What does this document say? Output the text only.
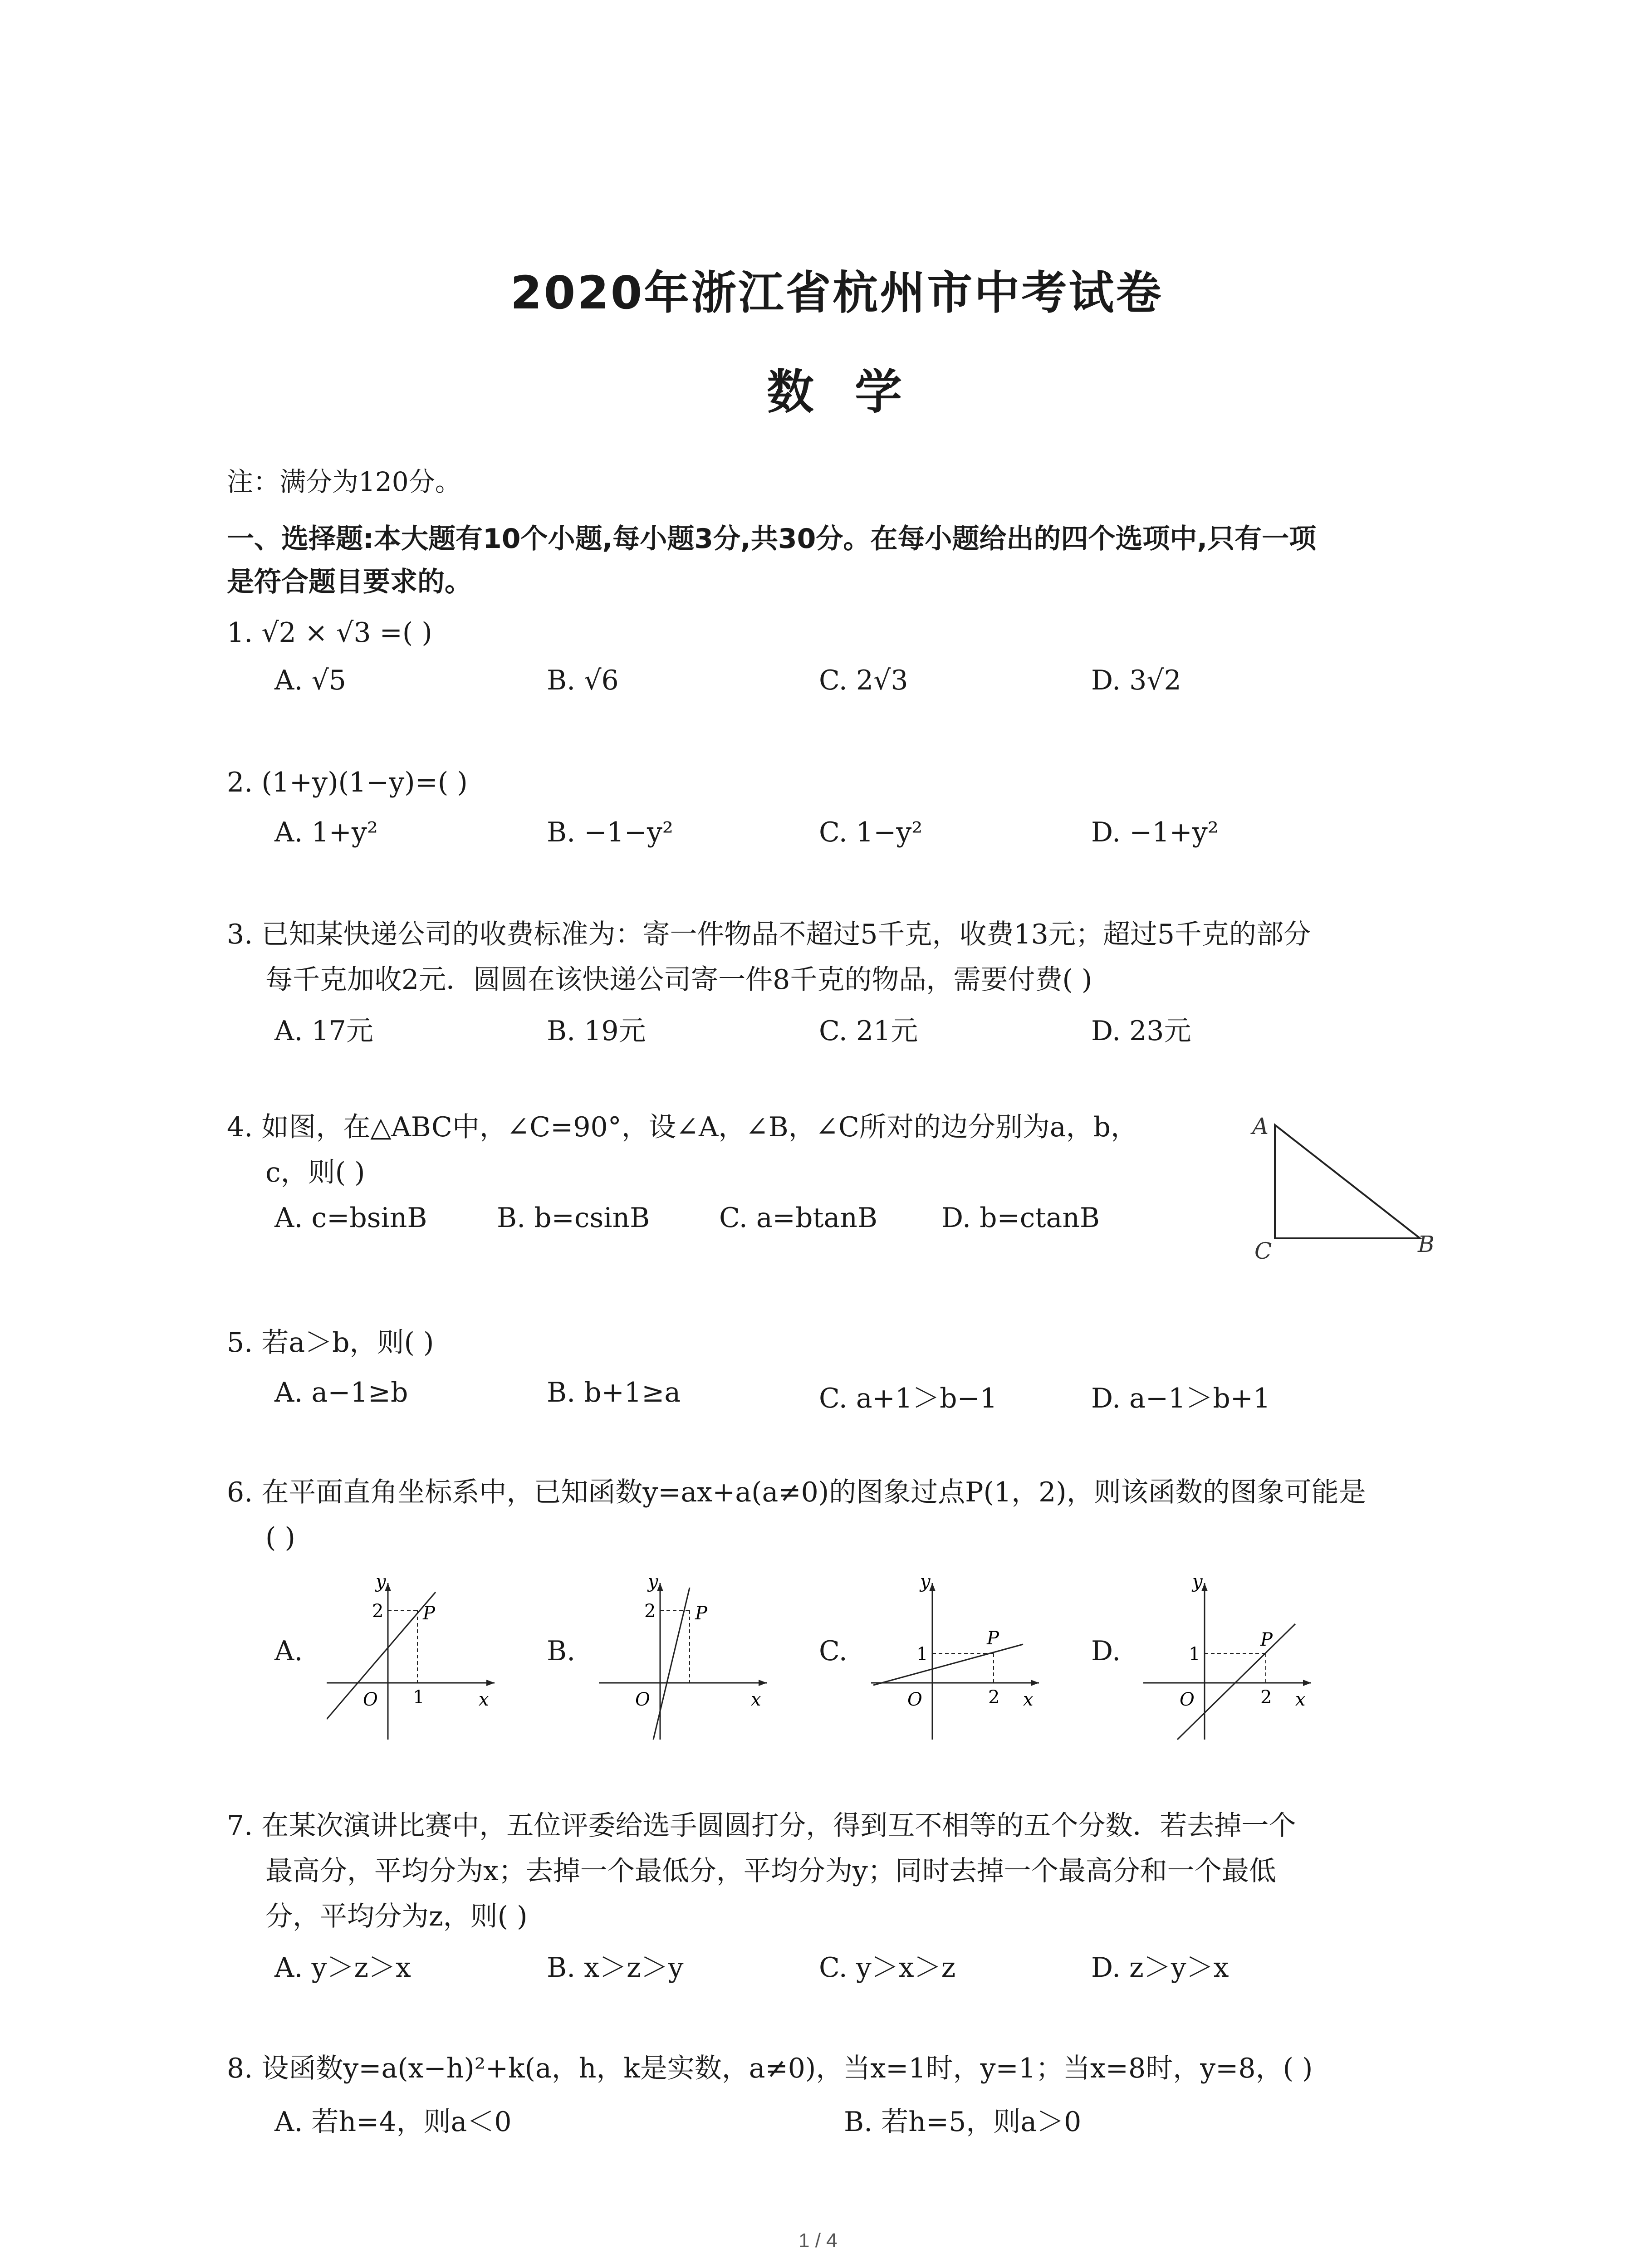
2020年浙江省杭州市中考试卷
数学
注：满分为120分。
一、选择题:本大题有10个小题,每小题3分,共30分。在每小题给出的四个选项中,只有一项
是符合题目要求的。
1. √2 × √3 =( )
A. √5	B. √6	C. 2√3	D. 3√2
2. (1+y)(1−y)=( )
A. 1+y²	B. −1−y²	C. 1−y²	D. −1+y²
3. 已知某快递公司的收费标准为：寄一件物品不超过5千克，收费13元；超过5千克的部分
每千克加收2元．圆圆在该快递公司寄一件8千克的物品，需要付费( )
A. 17元	B. 19元	C. 21元	D. 23元
4. 如图，在△ABC中，∠C=90°，设∠A，∠B，∠C所对的边分别为a，b，
c，则( )
A. c=bsinB	B. b=csinB	C. a=btanB D. b=ctanB
A
B
C
5. 若a＞b，则( )
A. a−1≥b	B. b+1≥a	C. a+1＞b−1	D. a−1＞b+1
6. 在平面直角坐标系中，已知函数y=ax+a(a≠0)的图象过点P(1，2)，则该函数的图象可能是
( )
A.
y
2 P
O 1	x
B.
y
2 P
O	x
C.
y
1
P
O	2 x
D.
y
1
P
O	2 x
7. 在某次演讲比赛中，五位评委给选手圆圆打分，得到互不相等的五个分数．若去掉一个
最高分，平均分为x；去掉一个最低分，平均分为y；同时去掉一个最高分和一个最低
分，平均分为z，则( )
A. y＞z＞x	B. x＞z＞y	C. y＞x＞z	D. z＞y＞x
8. 设函数y=a(x−h)²+k(a，h，k是实数，a≠0)，当x=1时，y=1；当x=8时，y=8，( )
A. 若h=4，则a＜0	B. 若h=5，则a＞0
1 / 4
